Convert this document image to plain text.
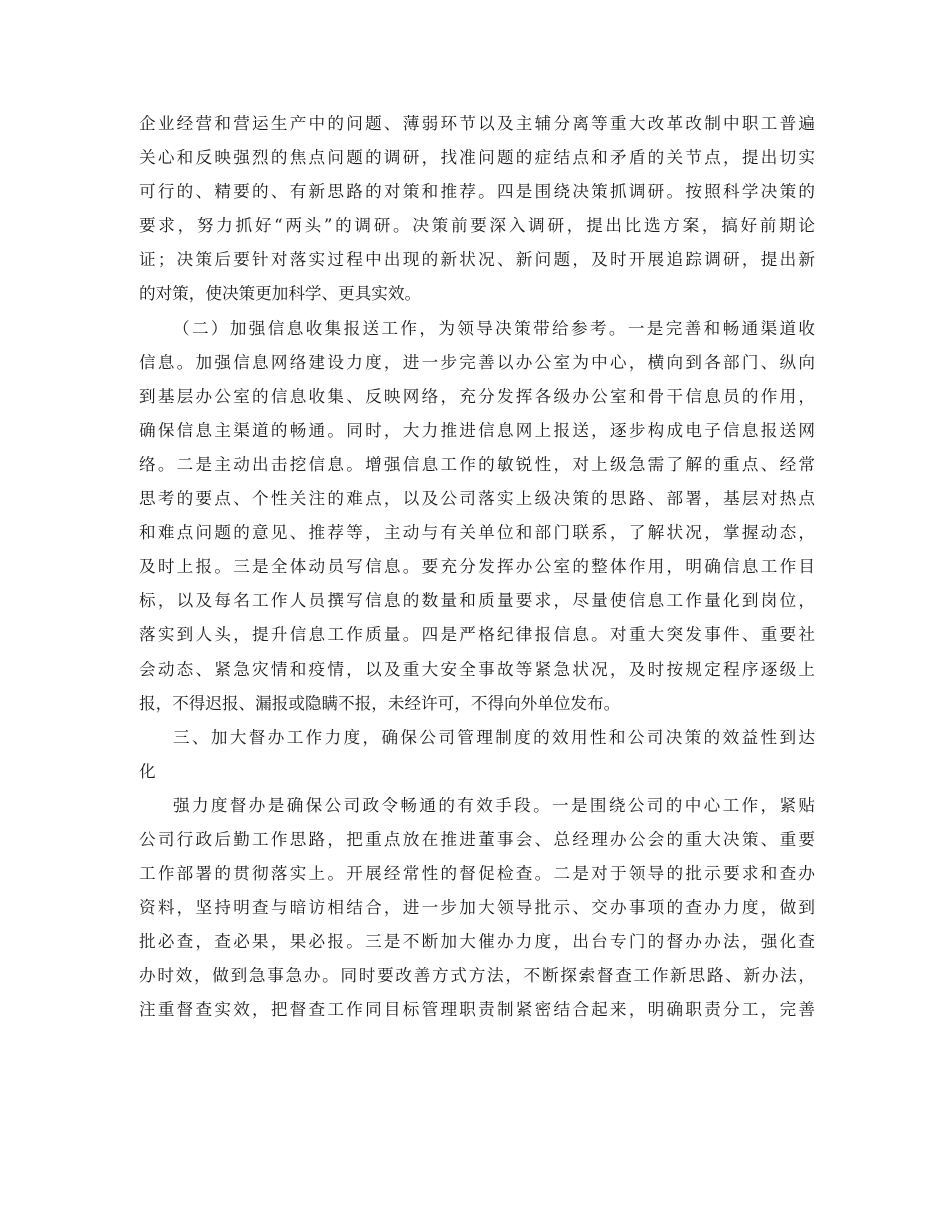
企业经营和营运生产中的问题、薄弱环节以及主辅分离等重大改革改制中职工普遍
关心和反映强烈的焦点问题的调研，找准问题的症结点和矛盾的关节点，提出切实
可行的、精要的、有新思路的对策和推荐。四是围绕决策抓调研。按照科学决策的
要求，努力抓好“两头”的调研。决策前要深入调研，提出比选方案，搞好前期论
证；决策后要针对落实过程中出现的新状况、新问题，及时开展追踪调研，提出新
的对策，使决策更加科学、更具实效。
（二）加强信息收集报送工作，为领导决策带给参考。一是完善和畅通渠道收
信息。加强信息网络建设力度，进一步完善以办公室为中心，横向到各部门、纵向
到基层办公室的信息收集、反映网络，充分发挥各级办公室和骨干信息员的作用，
确保信息主渠道的畅通。同时，大力推进信息网上报送，逐步构成电子信息报送网
络。二是主动出击挖信息。增强信息工作的敏锐性，对上级急需了解的重点、经常
思考的要点、个性关注的难点，以及公司落实上级决策的思路、部署，基层对热点
和难点问题的意见、推荐等，主动与有关单位和部门联系，了解状况，掌握动态，
及时上报。三是全体动员写信息。要充分发挥办公室的整体作用，明确信息工作目
标，以及每名工作人员撰写信息的数量和质量要求，尽量使信息工作量化到岗位，
落实到人头，提升信息工作质量。四是严格纪律报信息。对重大突发事件、重要社
会动态、紧急灾情和疫情，以及重大安全事故等紧急状况，及时按规定程序逐级上
报，不得迟报、漏报或隐瞒不报，未经许可，不得向外单位发布。
三、加大督办工作力度，确保公司管理制度的效用性和公司决策的效益性到达
化
强力度督办是确保公司政令畅通的有效手段。一是围绕公司的中心工作，紧贴
公司行政后勤工作思路，把重点放在推进董事会、总经理办公会的重大决策、重要
工作部署的贯彻落实上。开展经常性的督促检查。二是对于领导的批示要求和查办
资料，坚持明查与暗访相结合，进一步加大领导批示、交办事项的查办力度，做到
批必查，查必果，果必报。三是不断加大催办力度，出台专门的督办办法，强化查
办时效，做到急事急办。同时要改善方式方法，不断探索督查工作新思路、新办法，
注重督查实效，把督查工作同目标管理职责制紧密结合起来，明确职责分工，完善
